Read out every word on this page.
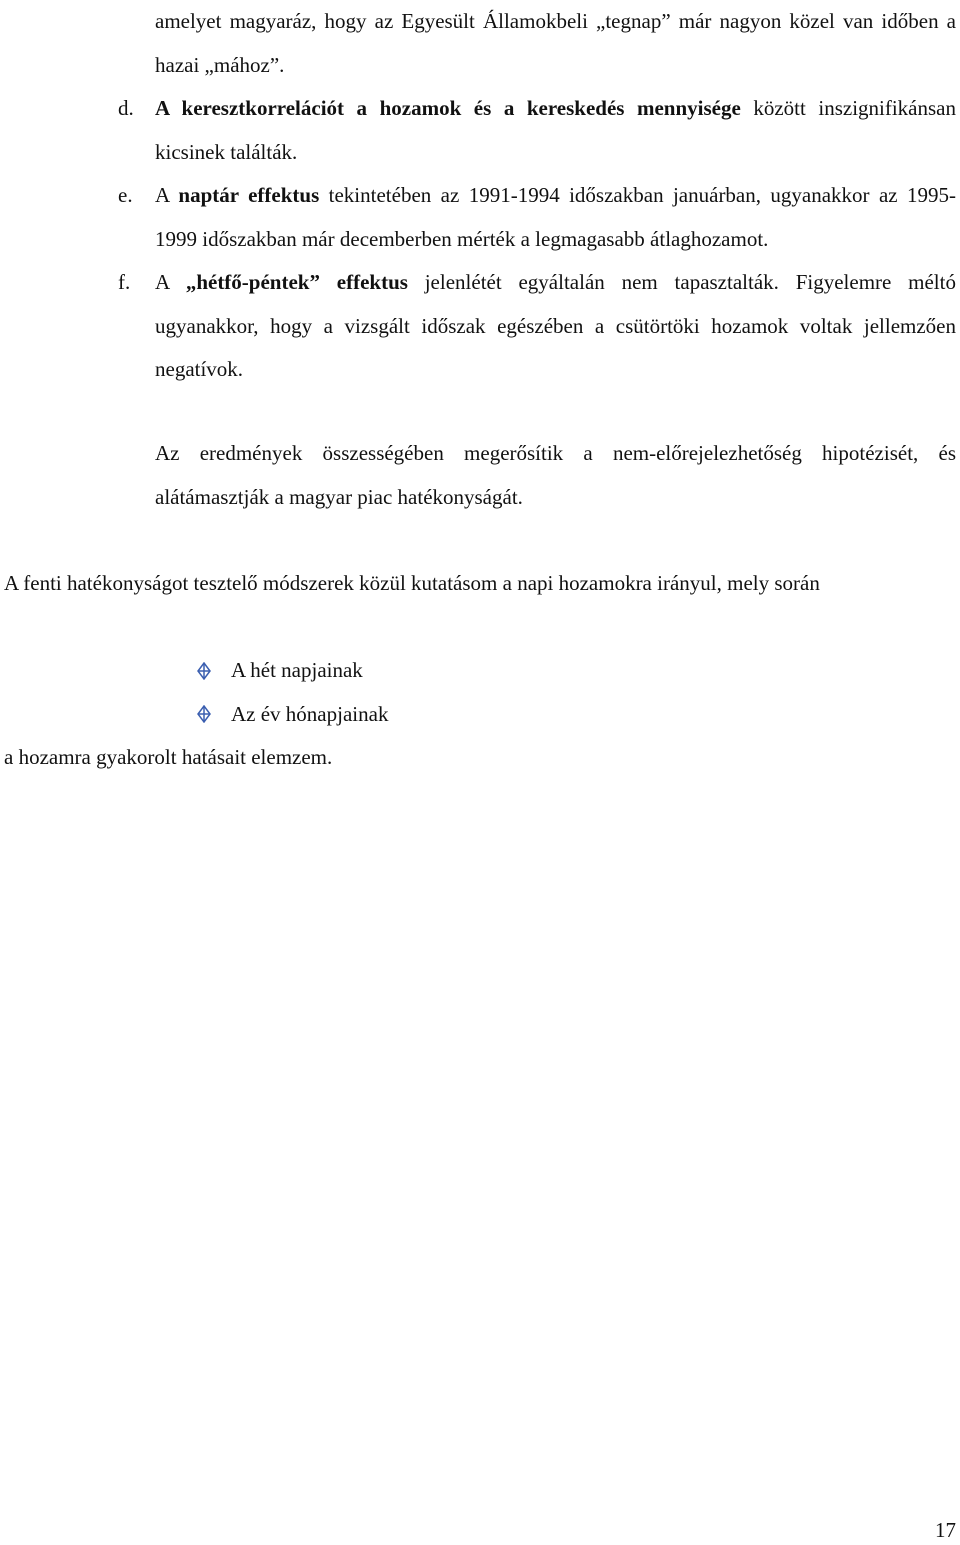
amelyet magyaráz, hogy az Egyesült Államokbeli „tegnap” már nagyon közel van időben a hazai „mához”.
d.	A keresztkorrelációt a hozamok és a kereskedés mennyisége között inszignifikánsan kicsinek találták.
e.	A naptár effektus tekintetében az 1991-1994 időszakban januárban, ugyanakkor az 1995-1999 időszakban már decemberben mérték a legmagasabb átlaghozamot.
f.	A „hétfő-péntek” effektus jelenlétét egyáltalán nem tapasztalták. Figyelemre méltó ugyanakkor, hogy a vizsgált időszak egészében a csütörtöki hozamok voltak jellemzően negatívok.

Az eredmények összességében megerősítik a nem-előrejelezhetőség hipotézisét, és alátámasztják a magyar piac hatékonyságát.

A fenti hatékonyságot tesztelő módszerek közül kutatásom a napi hozamokra irányul, mely során

A hét napjainak
Az év hónapjainak

a hozamra gyakorolt hatásait elemzem.

17
